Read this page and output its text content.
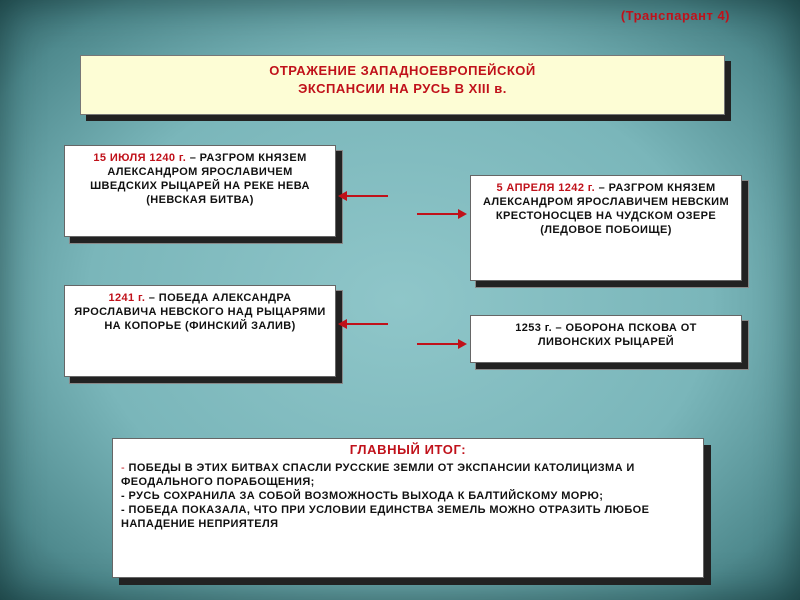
(Транспарант 4)
ОТРАЖЕНИЕ ЗАПАДНОЕВРОПЕЙСКОЙ
ЭКСПАНСИИ НА РУСЬ В XIII в.
15 ИЮЛЯ 1240 г. – РАЗГРОМ КНЯЗЕМ АЛЕКСАНДРОМ ЯРОСЛАВИЧЕМ ШВЕДСКИХ РЫЦАРЕЙ НА РЕКЕ НЕВА (НЕВСКАЯ БИТВА)
5 АПРЕЛЯ 1242 г. – РАЗГРОМ КНЯЗЕМ АЛЕКСАНДРОМ ЯРОСЛАВИЧЕМ НЕВСКИМ КРЕСТОНОСЦЕВ НА ЧУДСКОМ ОЗЕРЕ (ЛЕДОВОЕ ПОБОИЩЕ)
1241 г. – ПОБЕДА АЛЕКСАНДРА ЯРОСЛАВИЧА НЕВСКОГО НАД РЫЦАРЯМИ НА КОПОРЬЕ (ФИНСКИЙ ЗАЛИВ)	1253 г. – ОБОРОНА ПСКОВА ОТ ЛИВОНСКИХ РЫЦАРЕЙ
ГЛАВНЫЙ ИТОГ:

- ПОБЕДЫ В ЭТИХ БИТВАХ СПАСЛИ РУССКИЕ ЗЕМЛИ ОТ ЭКСПАНСИИ КАТОЛИЦИЗМА И ФЕОДАЛЬНОГО ПОРАБОЩЕНИЯ;

- РУСЬ СОХРАНИЛА ЗА СОБОЙ ВОЗМОЖНОСТЬ ВЫХОДА К БАЛТИЙСКОМУ МОРЮ;

- ПОБЕДА ПОКАЗАЛА, ЧТО ПРИ УСЛОВИИ ЕДИНСТВА ЗЕМЕЛЬ МОЖНО ОТРАЗИТЬ ЛЮБОЕ НАПАДЕНИЕ НЕПРИЯТЕЛЯ
